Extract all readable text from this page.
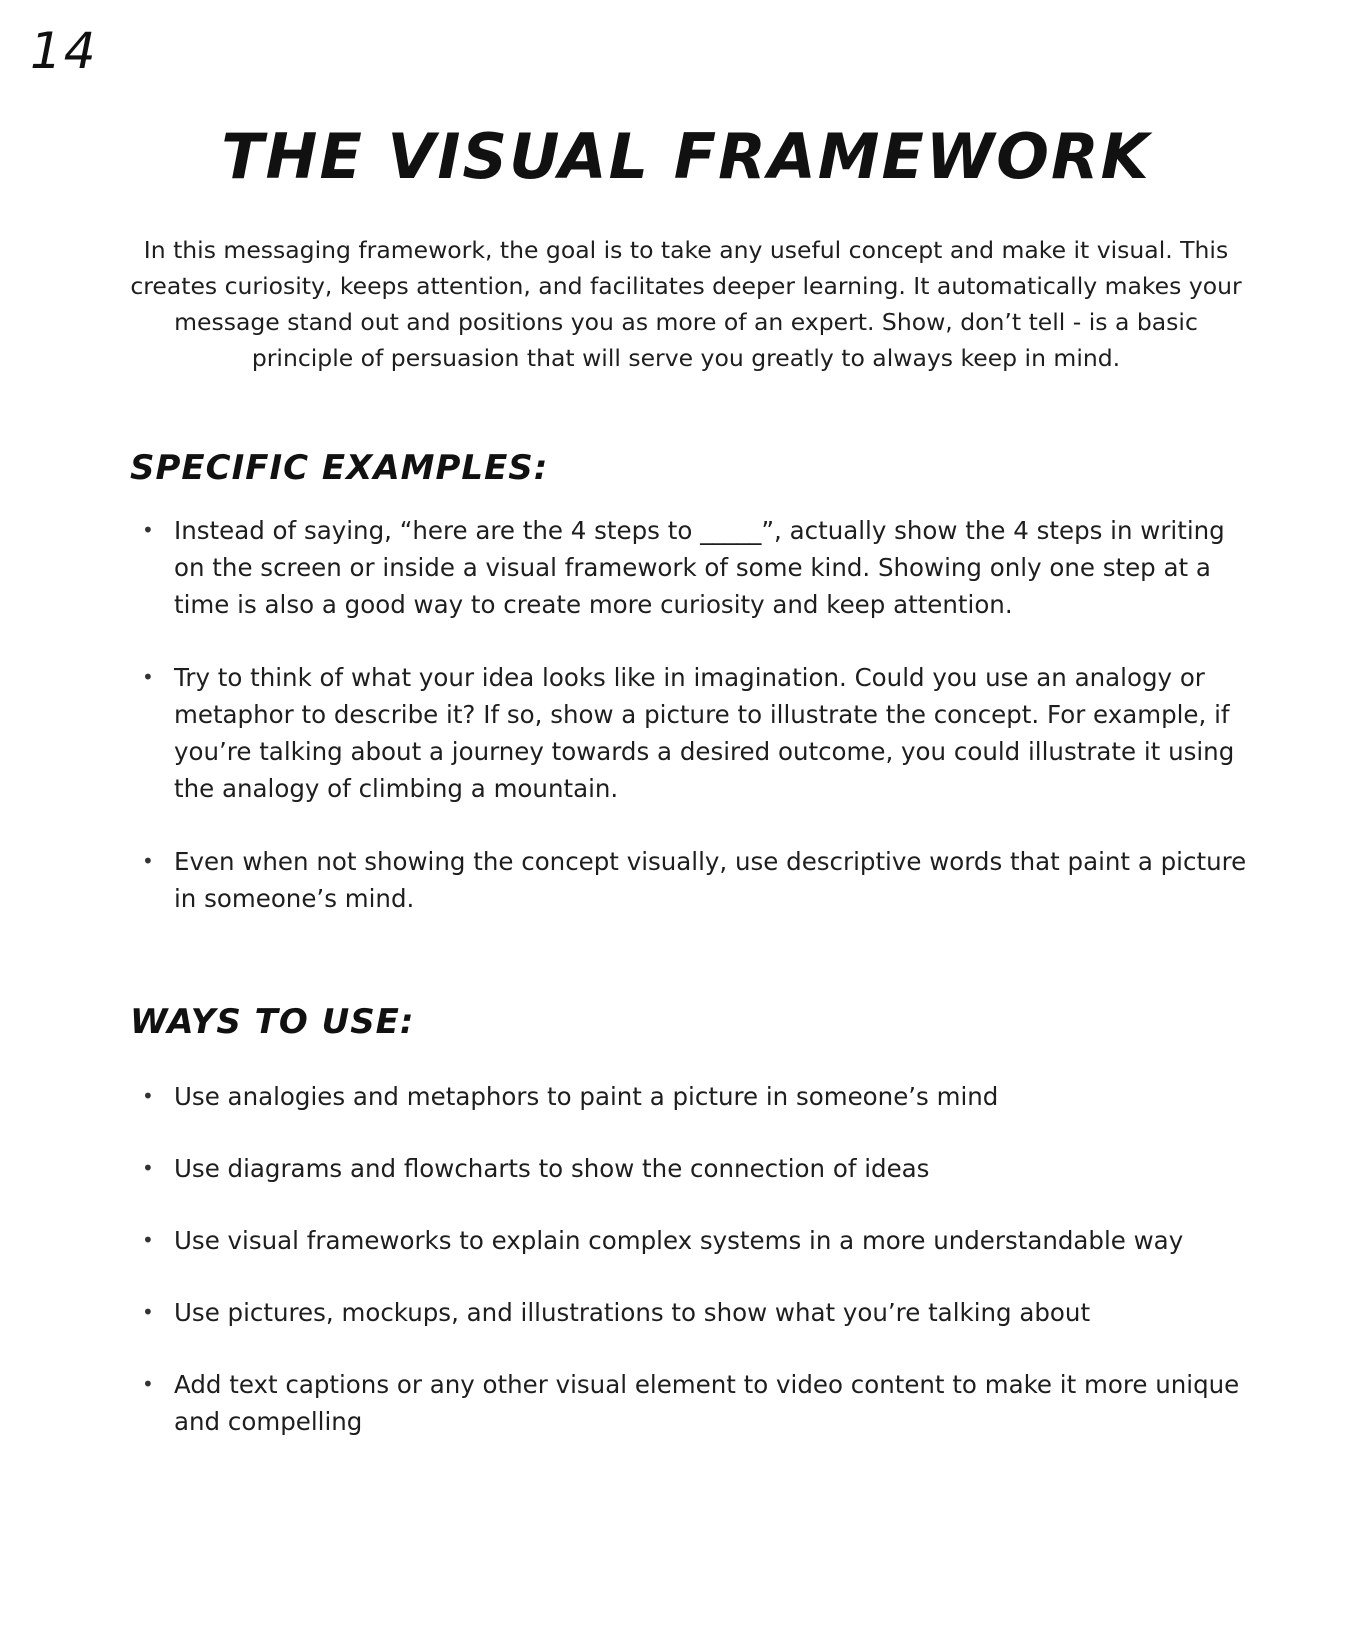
14
THE VISUAL FRAMEWORK
In this messaging framework, the goal is to take any useful concept and make it visual. This creates curiosity, keeps attention, and facilitates deeper learning. It automatically makes your message stand out and positions you as more of an expert. Show, don’t tell - is a basic principle of persuasion that will serve you greatly to always keep in mind.
SPECIFIC EXAMPLES:
• Instead of saying, “here are the 4 steps to _____”, actually show the 4 steps in writing on the screen or inside a visual framework of some kind. Showing only one step at a time is also a good way to create more curiosity and keep attention.
• Try to think of what your idea looks like in imagination. Could you use an analogy or metaphor to describe it? If so, show a picture to illustrate the concept. For example, if you’re talking about a journey towards a desired outcome, you could illustrate it using the analogy of climbing a mountain.
• Even when not showing the concept visually, use descriptive words that paint a picture in someone’s mind.
WAYS TO USE:
• Use analogies and metaphors to paint a picture in someone’s mind
• Use diagrams and flowcharts to show the connection of ideas
• Use visual frameworks to explain complex systems in a more understandable way
• Use pictures, mockups, and illustrations to show what you’re talking about
• Add text captions or any other visual element to video content to make it more unique and compelling
